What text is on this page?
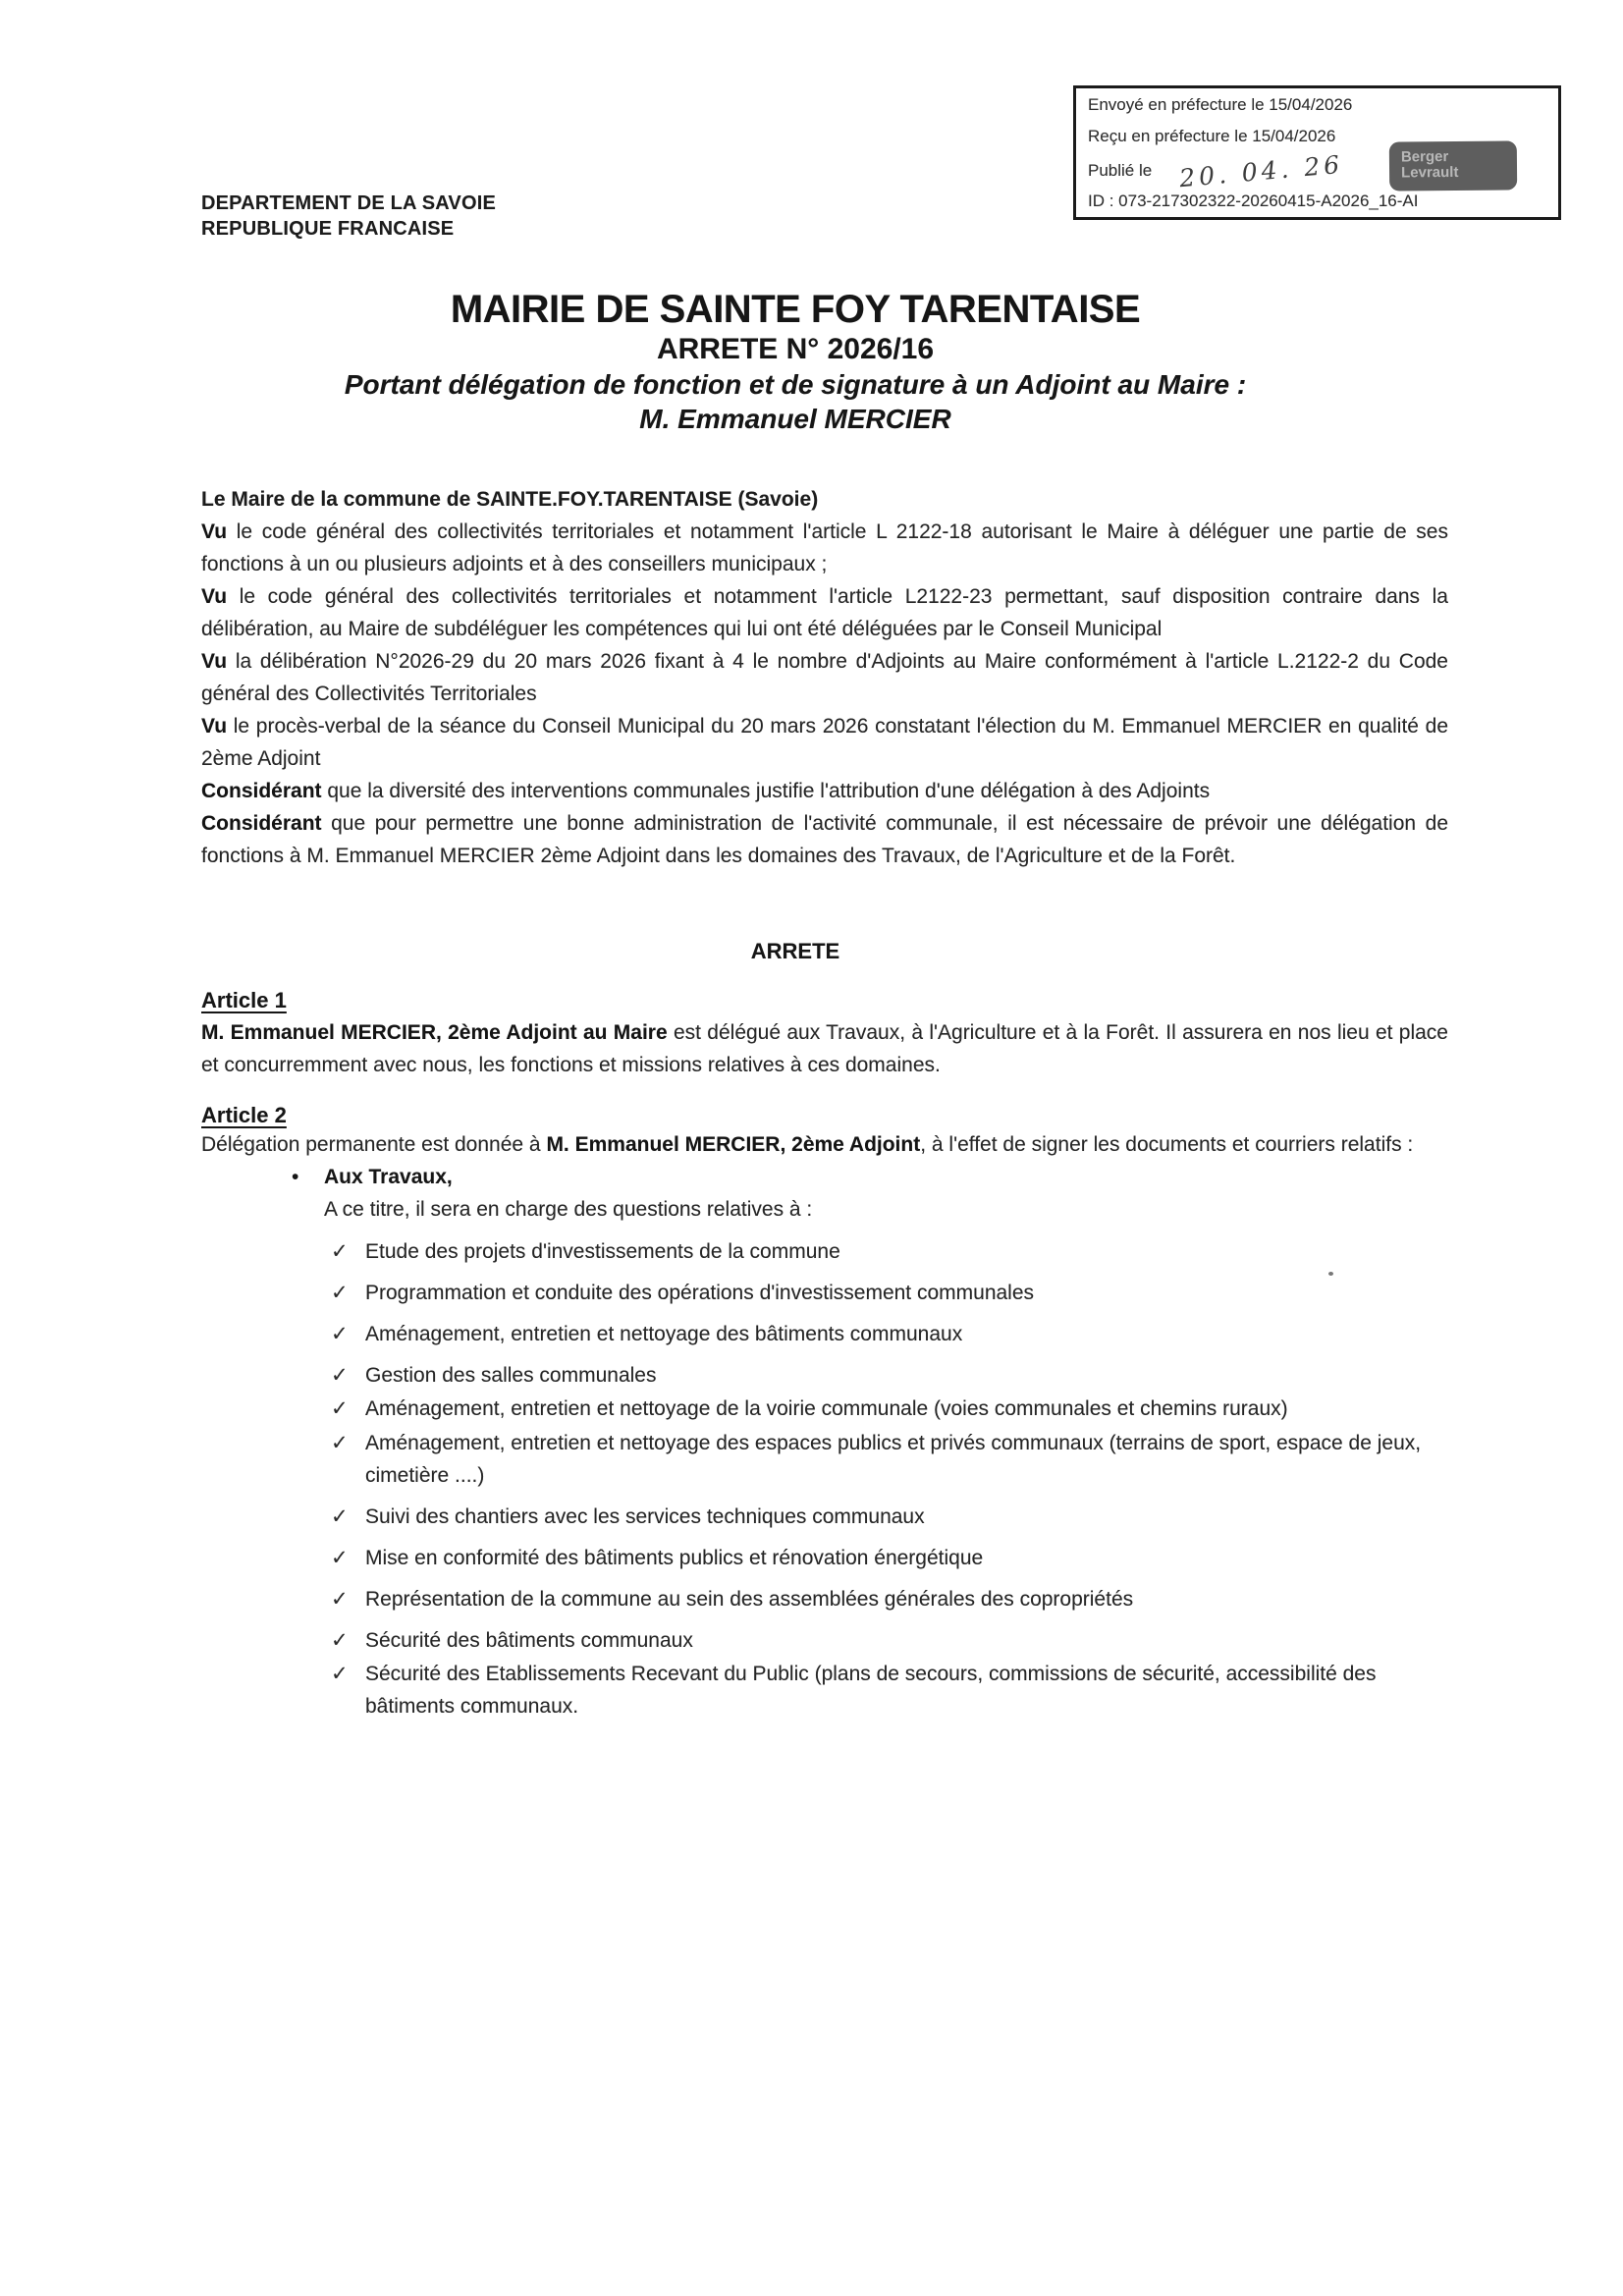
Envoyé en préfecture le 15/04/2026
Reçu en préfecture le 15/04/2026
Publié le 20. 04. 26
ID : 073-217302322-20260415-A2026_16-AI
Berger
Levrault
DEPARTEMENT DE LA SAVOIE
REPUBLIQUE FRANCAISE
MAIRIE DE SAINTE FOY TARENTAISE
ARRETE N° 2026/16
Portant délégation de fonction et de signature à un Adjoint au Maire :
M. Emmanuel MERCIER
Le Maire de la commune de SAINTE.FOY.TARENTAISE (Savoie)

Vu le code général des collectivités territoriales et notamment l'article L 2122-18 autorisant le Maire à déléguer une partie de ses fonctions à un ou plusieurs adjoints et à des conseillers municipaux ;

Vu le code général des collectivités territoriales et notamment l'article L2122-23 permettant, sauf disposition contraire dans la délibération, au Maire de subdéléguer les compétences qui lui ont été déléguées par le Conseil Municipal

Vu la délibération N°2026-29 du 20 mars 2026 fixant à 4 le nombre d'Adjoints au Maire conformément à l'article L.2122-2 du Code général des Collectivités Territoriales

Vu le procès-verbal de la séance du Conseil Municipal du 20 mars 2026 constatant l'élection du M. Emmanuel MERCIER en qualité de 2ème Adjoint

Considérant que la diversité des interventions communales justifie l'attribution d'une délégation à des Adjoints

Considérant que pour permettre une bonne administration de l'activité communale, il est nécessaire de prévoir une délégation de fonctions à M. Emmanuel MERCIER 2ème Adjoint dans les domaines des Travaux, de l'Agriculture et de la Forêt.

ARRETE
Article 1

M. Emmanuel MERCIER, 2ème Adjoint au Maire est délégué aux Travaux, à l'Agriculture et à la Forêt. Il assurera en nos lieu et place et concurremment avec nous, les fonctions et missions relatives à ces domaines.

Article 2

Délégation permanente est donnée à M. Emmanuel MERCIER, 2ème Adjoint, à l'effet de signer les documents et courriers relatifs :

• Aux Travaux,
A ce titre, il sera en charge des questions relatives à :
✓ Etude des projets d'investissements de la commune
✓ Programmation et conduite des opérations d'investissement communales
✓ Aménagement, entretien et nettoyage des bâtiments communaux
✓ Gestion des salles communales
✓ Aménagement, entretien et nettoyage de la voirie communale (voies communales et chemins ruraux)
✓ Aménagement, entretien et nettoyage des espaces publics et privés communaux (terrains de sport, espace de jeux, cimetière ....)
✓ Suivi des chantiers avec les services techniques communaux
✓ Mise en conformité des bâtiments publics et rénovation énergétique
✓ Représentation de la commune au sein des assemblées générales des copropriétés
✓ Sécurité des bâtiments communaux
✓ Sécurité des Etablissements Recevant du Public (plans de secours, commissions de sécurité, accessibilité des bâtiments communaux.
